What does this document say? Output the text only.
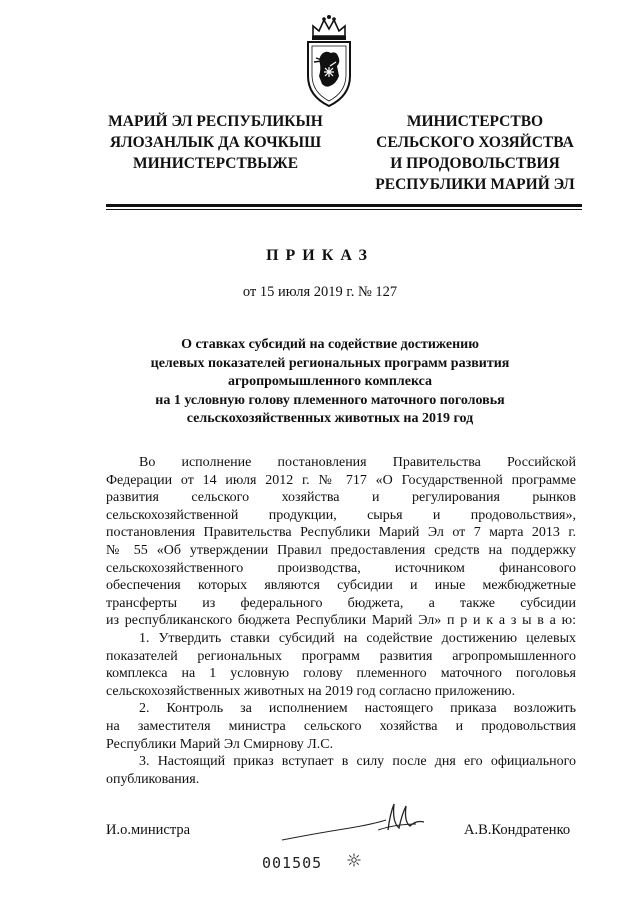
МАРИЙ ЭЛ РЕСПУБЛИКЫН
ЯЛОЗАНЛЫК ДА КОЧКЫШ
МИНИСТЕРСТВЫЖЕ
МИНИСТЕРСТВО
СЕЛЬСКОГО ХОЗЯЙСТВА
И ПРОДОВОЛЬСТВИЯ
РЕСПУБЛИКИ МАРИЙ ЭЛ
ПРИКАЗ
от 15 июля 2019 г. № 127
О ставках субсидий на содействие достижению
целевых показателей региональных программ развития
агропромышленного комплекса
на 1 условную голову племенного маточного поголовья
сельскохозяйственных животных на 2019 год

Во исполнение постановления Правительства Российской
Федерации от 14 июля 2012 г. № 717 «О Государственной программе
развития сельского хозяйства и регулирования рынков
сельскохозяйственной продукции, сырья и продовольствия»,
постановления Правительства Республики Марий Эл от 7 марта 2013 г.
№ 55 «Об утверждении Правил предоставления средств на поддержку
сельскохозяйственного производства, источником финансового
обеспечения которых являются субсидии и иные межбюджетные
трансферты из федерального бюджета, а также субсидии
из республиканского бюджета Республики Марий Эл» п р и к а з ы в а ю:

1. Утвердить ставки субсидий на содействие достижению целевых
показателей региональных программ развития агропромышленного
комплекса на 1 условную голову племенного маточного поголовья
сельскохозяйственных животных на 2019 год согласно приложению.

2. Контроль за исполнением настоящего приказа возложить
на заместителя министра сельского хозяйства и продовольствия
Республики Марий Эл Смирнову Л.С.

3. Настоящий приказ вступает в силу после дня его официального
опубликования.

И.о.министра	А.В.Кондратенко
001505
